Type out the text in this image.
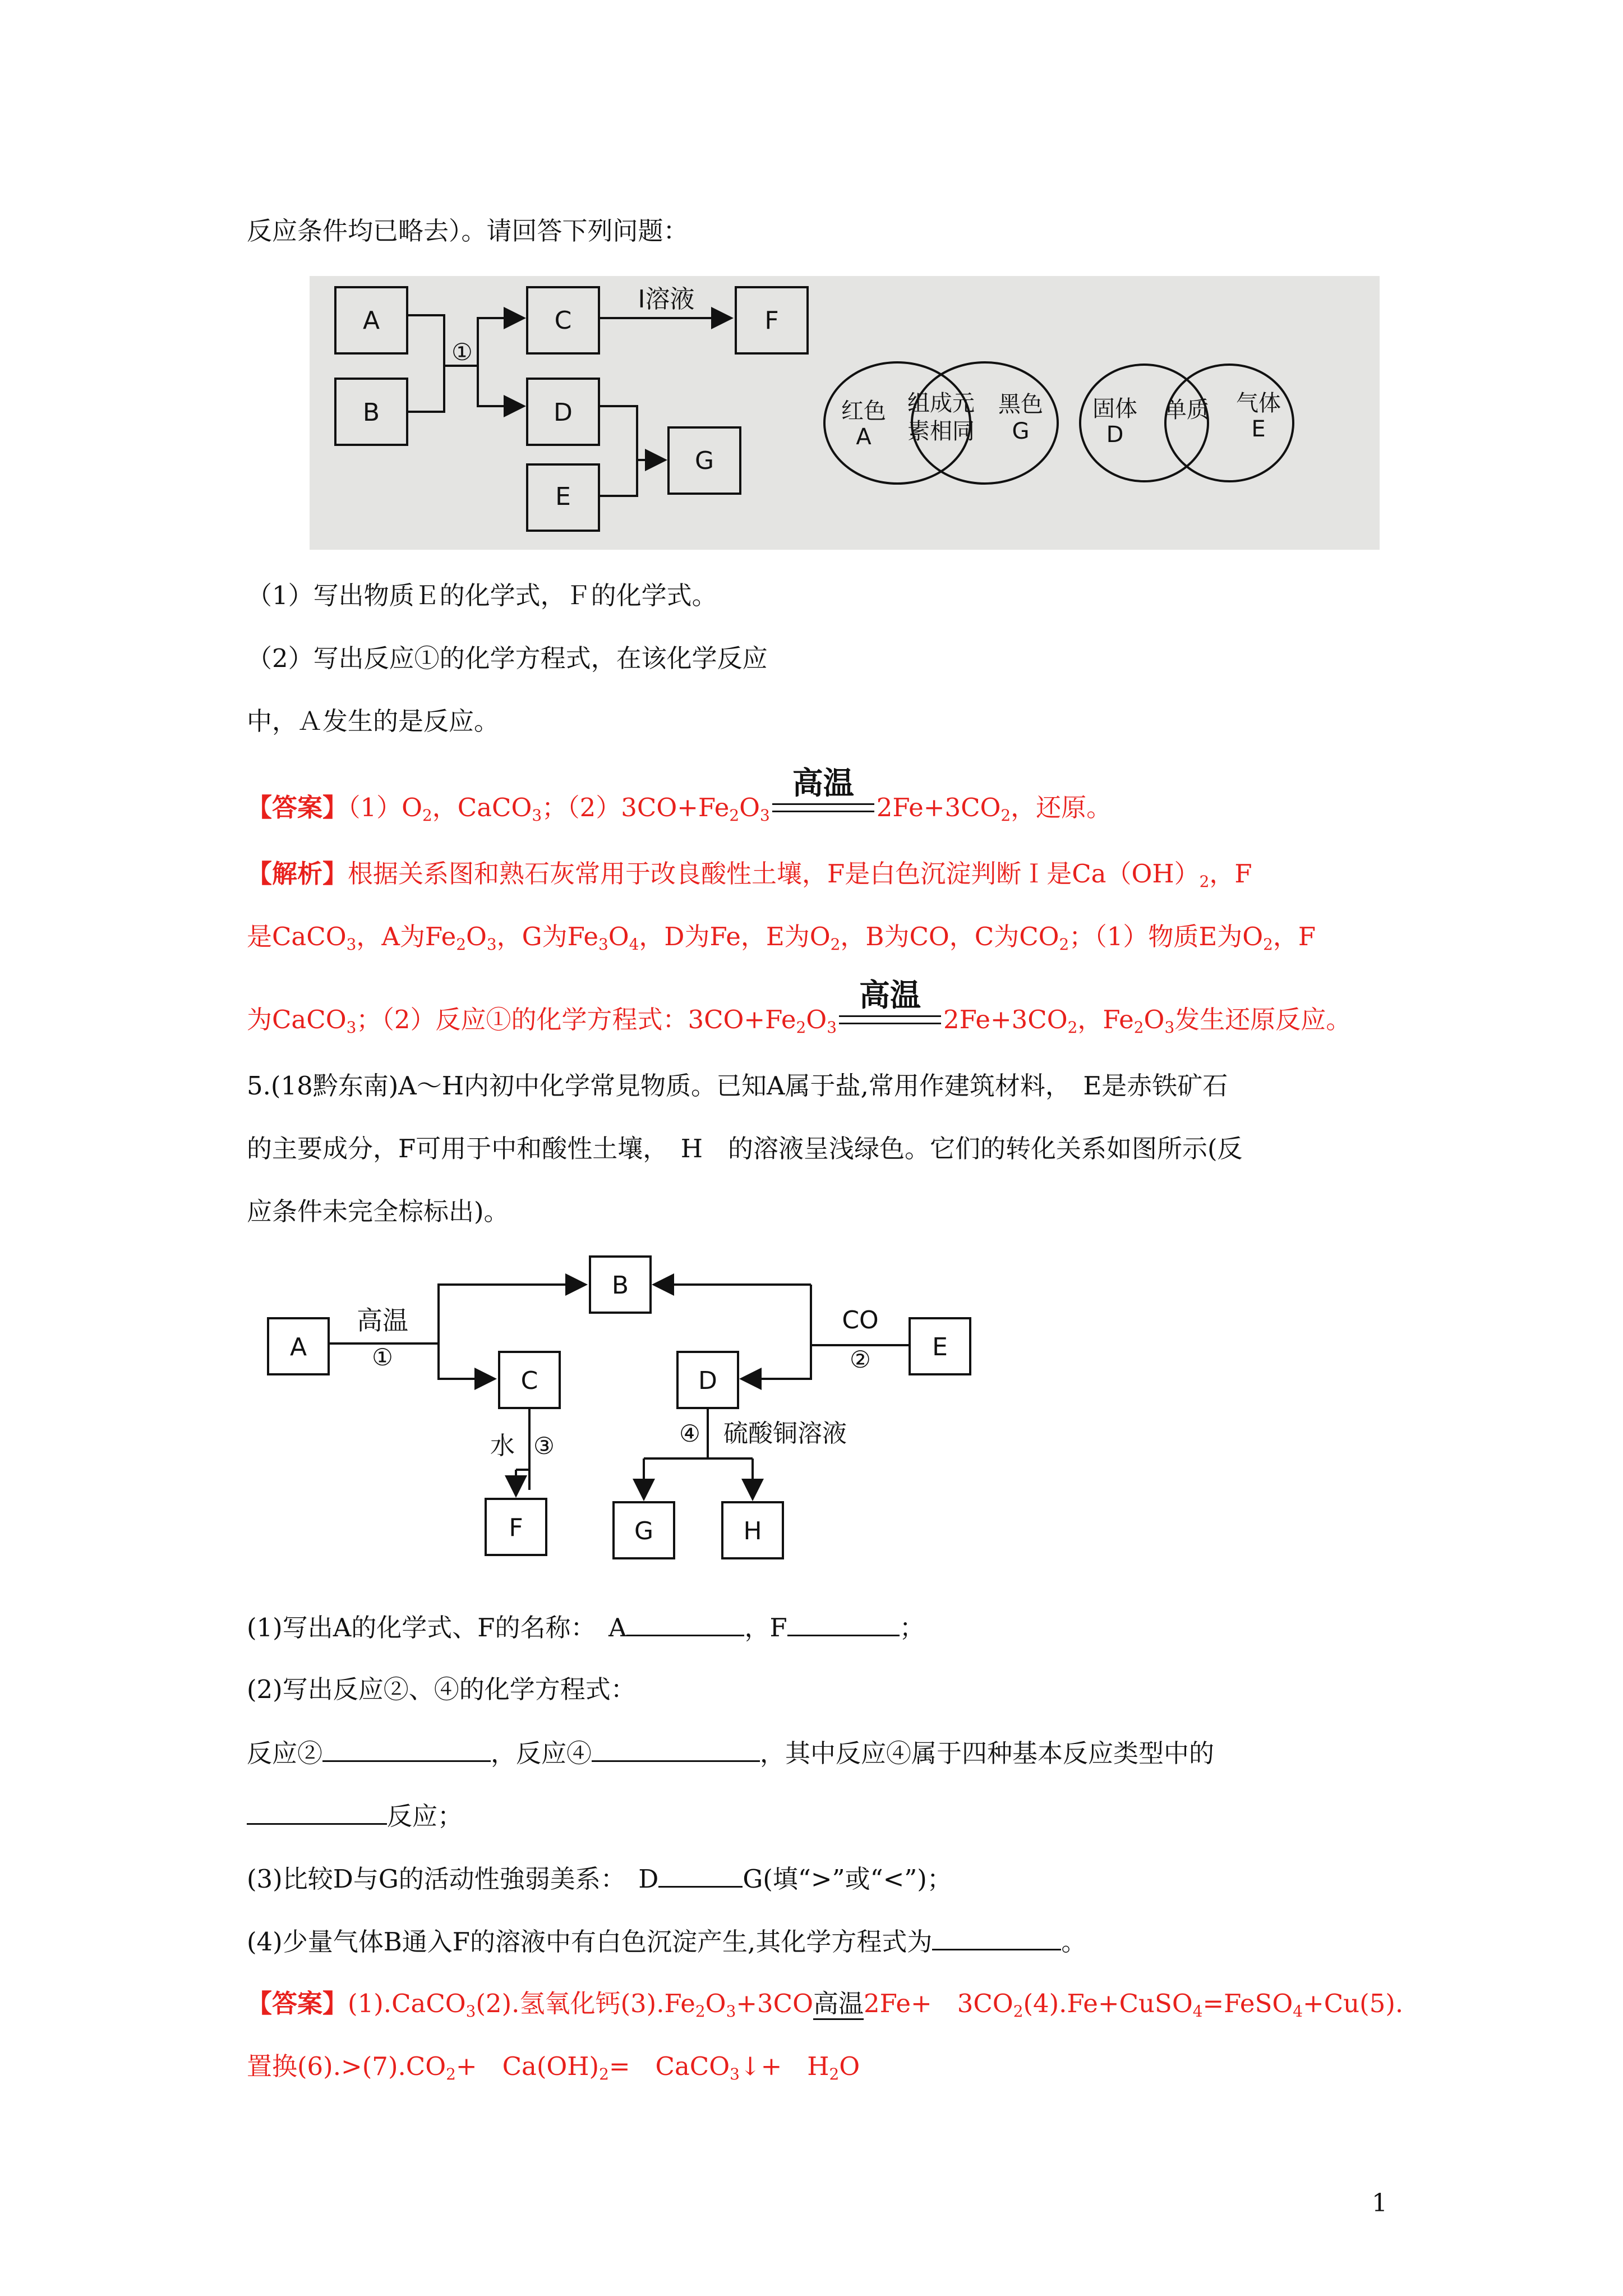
反应条件均已略去）。请回答下列问题：
A
B
C	F
D
E
G
①
I溶液
红色
A
组成元
素相同
黑色
G
固体
D
单质 气体
E
（1）写出物质Ｅ的化学式，Ｆ的化学式。
（2）写出反应①的化学方程式，在该化学反应
中，Ａ发生的是反应。
【答案】$(1)O_2$，CaCO$_3$；$(2)3CO+Fe_2O_3$
高温
$2Fe+3CO_2$，还原。
【解析】根据关系图和熟石灰常用于改良酸性土壤，F是白色沉淀判断Ｉ是$Ca(OH)_2$，F
是CaCO$_3$，A为$Fe_2O_3$，G为$Fe_3O_4$，D为Fe，E为$O_2$，B为CO，C为$CO_2$；（1）物质E为$O_2$，F
为CaCO$_3$；（2）反应①的化学方程式：$3CO+Fe_2O_3$
高温
$2Fe+3CO_2$，$Fe_2O_3$发生还原反应。
5.(18黔东南)A～H内初中化学常見物质。已知A属于盐,常用作建筑材料，　E是赤铁矿石
的主要成分，F可用于中和酸性土壤，　H　的溶液呈浅绿色。它们的转化关系如图所示(反
应条件未完全棕标出)。
A
B
E
C	D
F	G	H
高温
①
CO
②
水 ③	④ 硫酸铜溶液
(1)写出A的化学式、F的名称：　A	，F	；
(2)写出反应②、④的化学方程式：
反应②	，反应④	，其中反应④属于四种基本反应类型中的
反应；
(3)比较D与G的活动性強弱美系：　D	G(填“>”或“<”)；
(4)少量气体B通入F的溶液中有白色沉淀产生,其化学方程式为	。
【答案】(1).CaCO$_3$(2).氢氧化钙$(3).Fe_2O_3+3CO$高温2Fe+　$3CO_2(4).Fe+CuSO_4=FeSO_4+Cu(5)$.
置换$(6).>(7).CO_2+$　$Ca(OH)_2=$　CaCO$_3$↓+　$H_2O$
1
